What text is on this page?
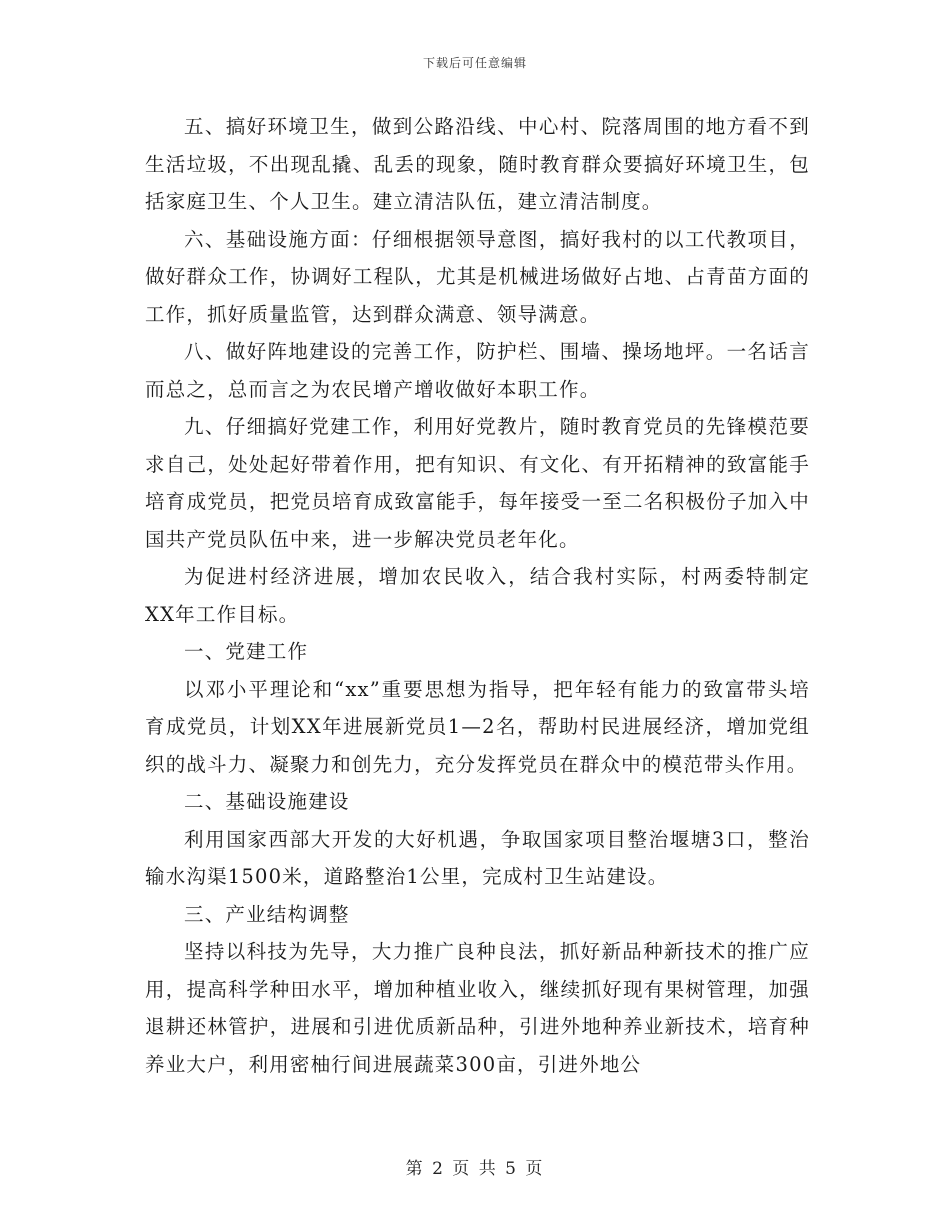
下载后可任意编辑

五、搞好环境卫生，做到公路沿线、中心村、院落周围的地方看不到生活垃圾，不出现乱撬、乱丢的现象，随时教育群众要搞好环境卫生，包括家庭卫生、个人卫生。建立清洁队伍，建立清洁制度。

六、基础设施方面：仔细根据领导意图，搞好我村的以工代教项目，做好群众工作，协调好工程队，尤其是机械进场做好占地、占青苗方面的工作，抓好质量监管，达到群众满意、领导满意。

八、做好阵地建设的完善工作，防护栏、围墙、操场地坪。一名话言而总之，总而言之为农民增产增收做好本职工作。

九、仔细搞好党建工作，利用好党教片，随时教育党员的先锋模范要求自己，处处起好带着作用，把有知识、有文化、有开拓精神的致富能手培育成党员，把党员培育成致富能手，每年接受一至二名积极份子加入中国共产党员队伍中来，进一步解决党员老年化。

为促进村经济进展，增加农民收入，结合我村实际，村两委特制定XX年工作目标。

一、党建工作

以邓小平理论和“xx”重要思想为指导，把年轻有能力的致富带头培育成党员，计划XX年进展新党员1—2名，帮助村民进展经济，增加党组织的战斗力、凝聚力和创先力，充分发挥党员在群众中的模范带头作用。

二、基础设施建设

利用国家西部大开发的大好机遇，争取国家项目整治堰塘3口，整治输水沟渠1500米，道路整治1公里，完成村卫生站建设。

三、产业结构调整

坚持以科技为先导，大力推广良种良法，抓好新品种新技术的推广应用，提高科学种田水平，增加种植业收入，继续抓好现有果树管理，加强退耕还林管护，进展和引进优质新品种，引进外地种养业新技术，培育种养业大户，利用密柚行间进展蔬菜300亩，引进外地公

第 2 页 共 5 页
